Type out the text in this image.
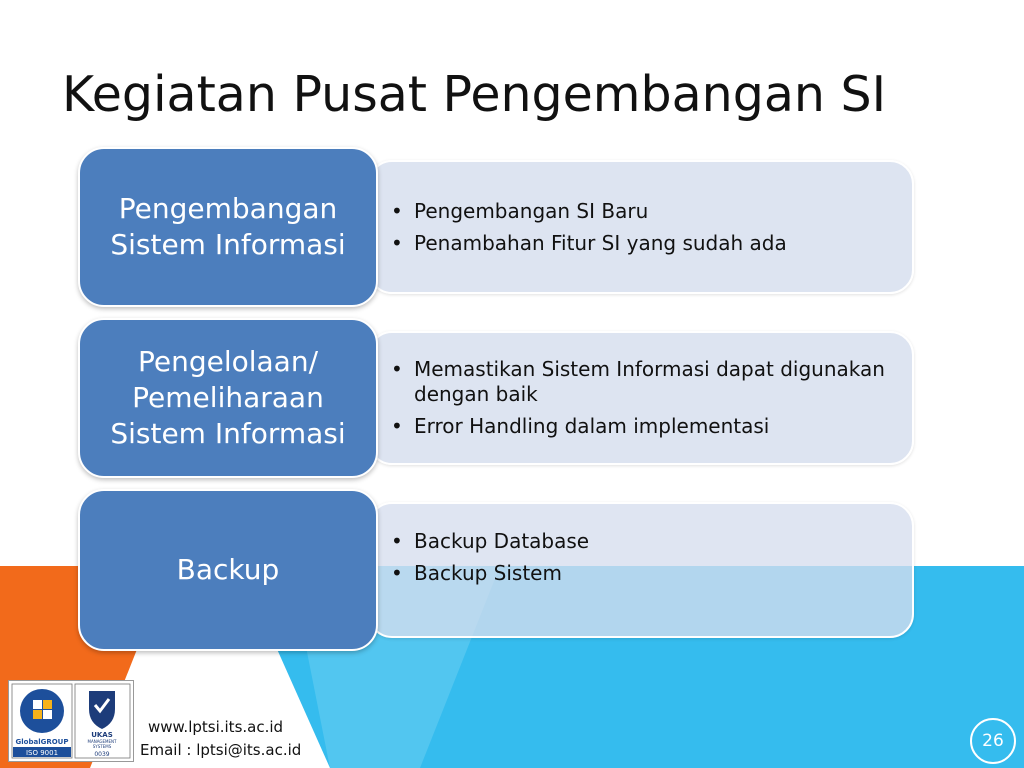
Kegiatan Pusat Pengembangan SI
• Pengembangan SI Baru
• Penambahan Fitur SI yang sudah ada
Pengembangan
Sistem Informasi
• Memastikan Sistem Informasi dapat digunakan dengan baik
• Error Handling dalam implementasi
Pengelolaan/
Pemeliharaan
Sistem Informasi
• Backup Database
• Backup Sistem
Backup
GlobalGROUP
ISO 9001
UKAS
MANAGEMENT
SYSTEMS
0039
www.lptsi.its.ac.id
Email : lptsi@its.ac.id	26
